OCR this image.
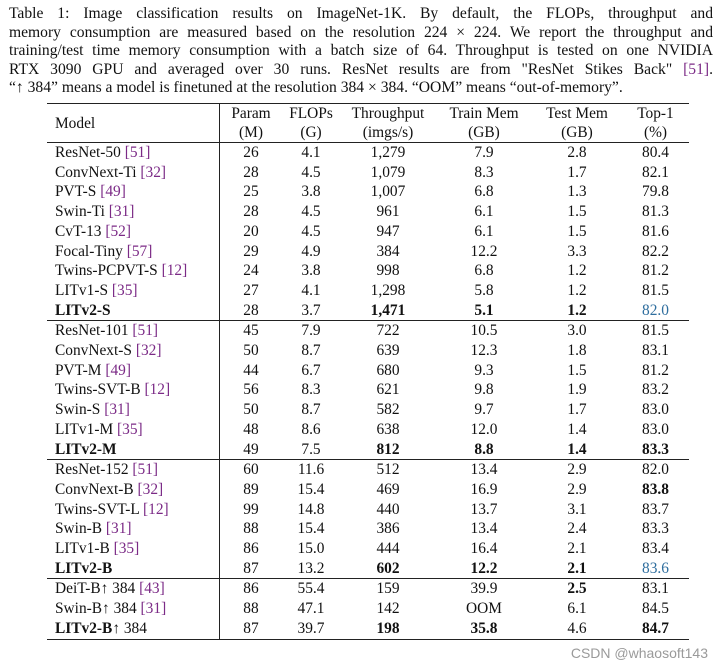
Table 1: Image classification results on ImageNet-1K. By default, the FLOPs, throughput and
memory consumption are measured based on the resolution 224 × 224. We report the throughput and
training/test time memory consumption with a batch size of 64. Throughput is tested on one NVIDIA
RTX 3090 GPU and averaged over 30 runs. ResNet results are from "ResNet Stikes Back" [51].
“↑ 384” means a model is finetuned at the resolution 384 × 384. “OOM” means “out-of-memory”.

Model	Param	FLOPs	Throughput	Train Mem	Test Mem	Top-1
	(M)	(G)	(imgs/s)	(GB)	(GB)	(%)
ResNet-50 [51]	26	4.1	1,279	7.9	2.8	80.4
ConvNext-Ti [32]	28	4.5	1,079	8.3	1.7	82.1
PVT-S [49]	25	3.8	1,007	6.8	1.3	79.8
Swin-Ti [31]	28	4.5	961	6.1	1.5	81.3
CvT-13 [52]	20	4.5	947	6.1	1.5	81.6
Focal-Tiny [57]	29	4.9	384	12.2	3.3	82.2
Twins-PCPVT-S [12]	24	3.8	998	6.8	1.2	81.2
LITv1-S [35]	27	4.1	1,298	5.8	1.2	81.5
LITv2-S	28	3.7	1,471	5.1	1.2	82.0
ResNet-101 [51]	45	7.9	722	10.5	3.0	81.5
ConvNext-S [32]	50	8.7	639	12.3	1.8	83.1
PVT-M [49]	44	6.7	680	9.3	1.5	81.2
Twins-SVT-B [12]	56	8.3	621	9.8	1.9	83.2
Swin-S [31]	50	8.7	582	9.7	1.7	83.0
LITv1-M [35]	48	8.6	638	12.0	1.4	83.0
LITv2-M	49	7.5	812	8.8	1.4	83.3
ResNet-152 [51]	60	11.6	512	13.4	2.9	82.0
ConvNext-B [32]	89	15.4	469	16.9	2.9	83.8
Twins-SVT-L [12]	99	14.8	440	13.7	3.1	83.7
Swin-B [31]	88	15.4	386	13.4	2.4	83.3
LITv1-B [35]	86	15.0	444	16.4	2.1	83.4
LITv2-B	87	13.2	602	12.2	2.1	83.6
DeiT-B↑ 384 [43]	86	55.4	159	39.9	2.5	83.1
Swin-B↑ 384 [31]	88	47.1	142	OOM	6.1	84.5
LITv2-B↑ 384	87	39.7	198	35.8	4.6	84.7
CSDN @whaosoft143
